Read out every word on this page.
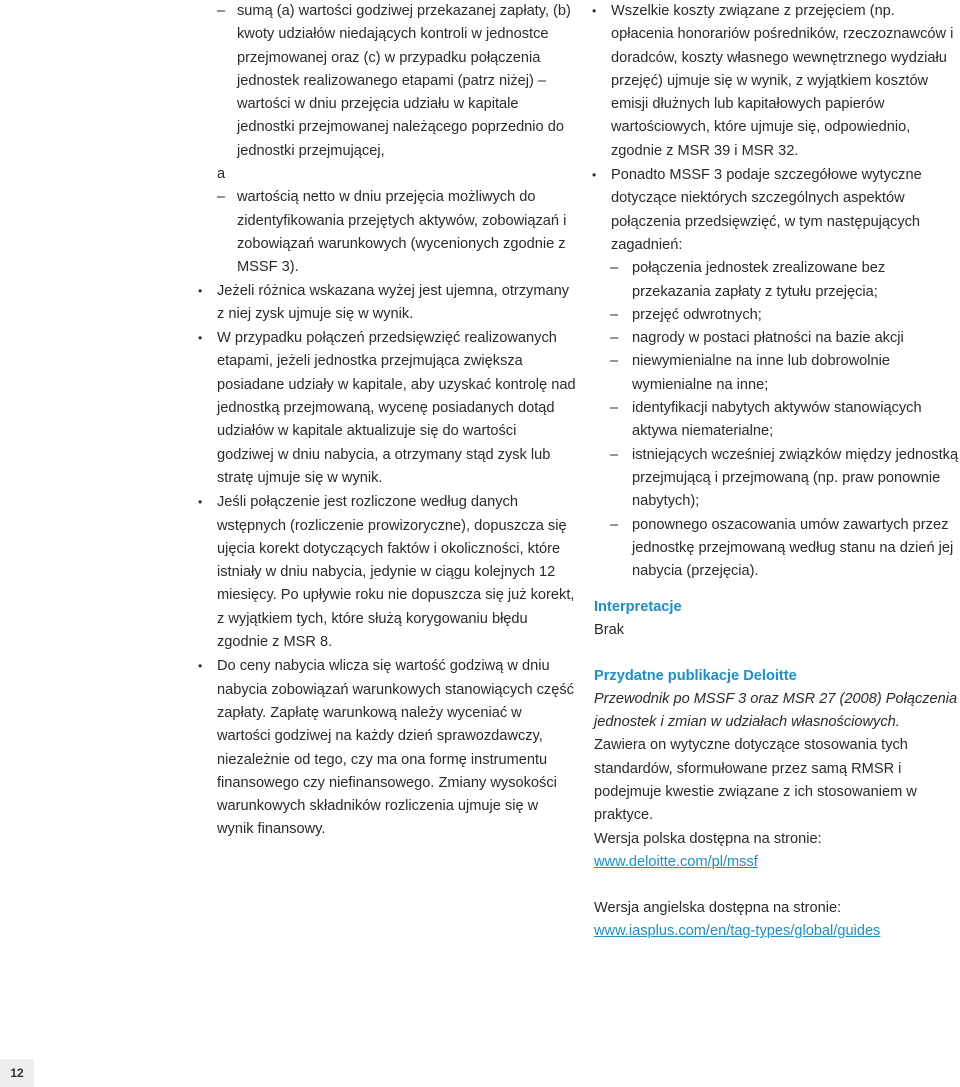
– sumą (a) wartości godziwej przekazanej zapłaty, (b) kwoty udziałów niedających kontroli w jednostce przejmowanej oraz (c) w przypadku połączenia jednostek realizowanego etapami (patrz niżej) – wartości w dniu przejęcia udziału w kapitale jednostki przejmowanej należącego poprzednio do jednostki przejmującej,

a

– wartością netto w dniu przejęcia możliwych do zidentyfikowania przejętych aktywów, zobowiązań i zobowiązań warunkowych (wycenionych zgodnie z MSSF 3).

• Jeżeli różnica wskazana wyżej jest ujemna, otrzymany z niej zysk ujmuje się w wynik.

• W przypadku połączeń przedsięwzięć realizowanych etapami, jeżeli jednostka przejmująca zwiększa posiadane udziały w kapitale, aby uzyskać kontrolę nad jednostką przejmowaną, wycenę posiadanych dotąd udziałów w kapitale aktualizuje się do wartości godziwej w dniu nabycia, a otrzymany stąd zysk lub stratę ujmuje się w wynik.

• Jeśli połączenie jest rozliczone według danych wstępnych (rozliczenie prowizoryczne), dopuszcza się ujęcia korekt dotyczących faktów i okoliczności, które istniały w dniu nabycia, jedynie w ciągu kolejnych 12 miesięcy. Po upływie roku nie dopuszcza się już korekt, z wyjątkiem tych, które służą korygowaniu błędu zgodnie z MSR 8.

• Do ceny nabycia wlicza się wartość godziwą w dniu nabycia zobowiązań warunkowych stanowiących część zapłaty. Zapłatę warunkową należy wyceniać w wartości godziwej na każdy dzień sprawozdawczy, niezależnie od tego, czy ma ona formę instrumentu finansowego czy niefinansowego. Zmiany wysokości warunkowych składników rozliczenia ujmuje się w wynik finansowy.

• Wszelkie koszty związane z przejęciem (np. opłacenia honorariów pośredników, rzeczoznawców i doradców, koszty własnego wewnętrznego wydziału przejęć) ujmuje się w wynik, z wyjątkiem kosztów emisji dłużnych lub kapitałowych papierów wartościowych, które ujmuje się, odpowiednio, zgodnie z MSR 39 i MSR 32.

• Ponadto MSSF 3 podaje szczegółowe wytyczne dotyczące niektórych szczególnych aspektów połączenia przedsięwzięć, w tym następujących zagadnień:

– połączenia jednostek zrealizowane bez przekazania zapłaty z tytułu przejęcia;

– przejęć odwrotnych;

– nagrody w postaci płatności na bazie akcji

– niewymienialne na inne lub dobrowolnie wymienialne na inne;

– identyfikacji nabytych aktywów stanowiących aktywa niematerialne;

– istniejących wcześniej związków między jednostką przejmującą i przejmowaną (np. praw ponownie nabytych);

– ponownego oszacowania umów zawartych przez jednostkę przejmowaną według stanu na dzień jej nabycia (przejęcia).

Interpretacje
Brak
Przydatne publikacje Deloitte
Przewodnik po MSSF 3 oraz MSR 27 (2008) Połączenia jednostek i zmian w udziałach własnościowych.
Zawiera on wytyczne dotyczące stosowania tych standardów, sformułowane przez samą RMSR i podejmuje kwestie związane z ich stosowaniem w praktyce.
Wersja polska dostępna na stronie:
www.deloitte.com/pl/mssf
Wersja angielska dostępna na stronie:
www.iasplus.com/en/tag-types/global/guides
12
